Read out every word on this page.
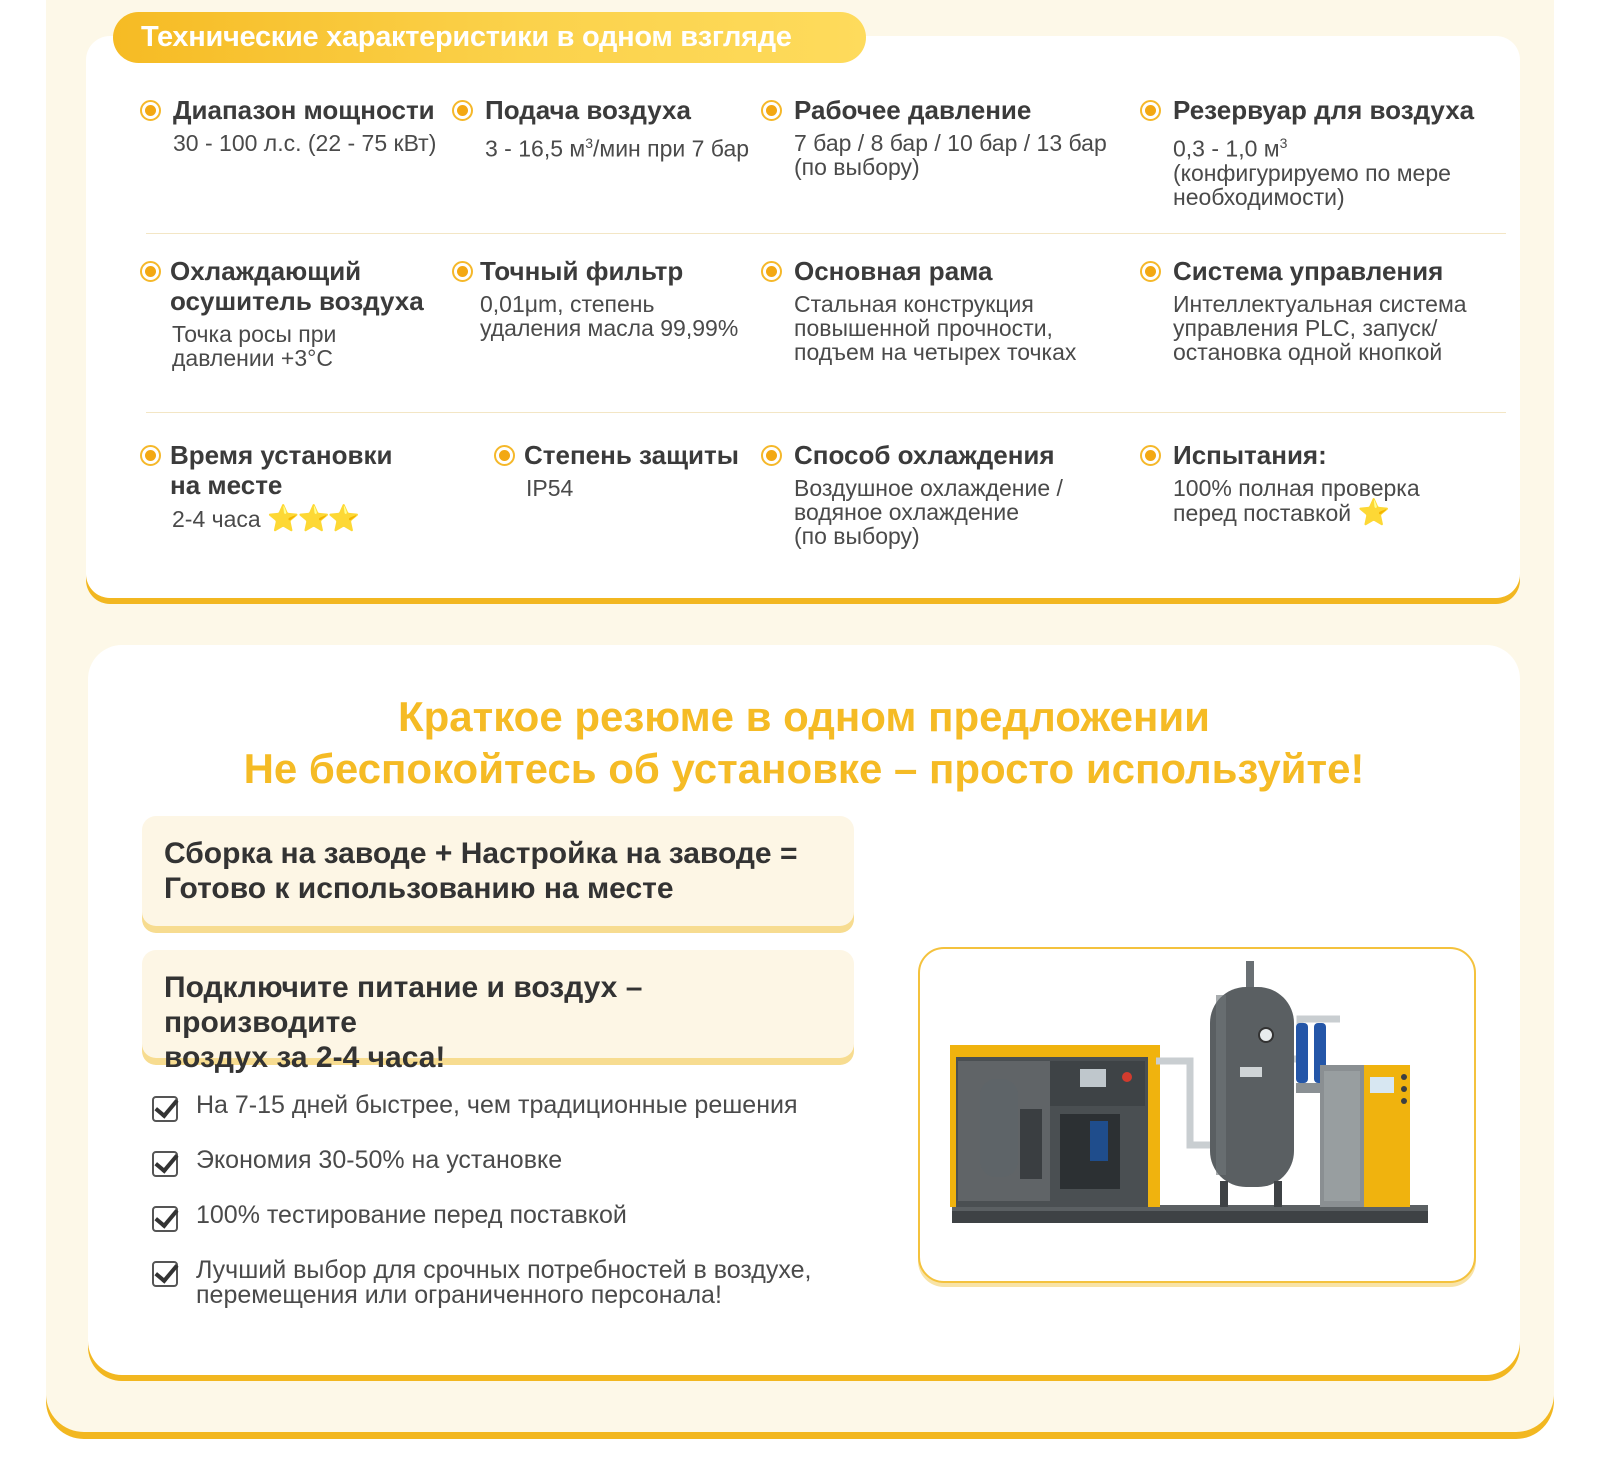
Технические характеристики в одном взгляде
Диапазон мощности
30 - 100 л.с. (22 - 75 кВт)
Подача воздуха
3 - 16,5 $м^3$/мин при 7 бар
Рабочее давление
7 бар / 8 бар / 10 бар / 13 бар
(по выбору)
Резервуар для воздуха
0,3 - 1,0 $м^3$
(конфигурируемо по мере
необходимости)
Охлаждающий
осушитель воздуха
Точка росы при
давлении +3°C
Точный фильтр
0,01μm, степень
удаления масла 99,99%
Основная рама
Стальная конструкция
повышенной прочности,
подъем на четырех точках
Система управления
Интеллектуальная система
управления PLC, запуск/
остановка одной кнопкой
Время установки
на месте
2-4 часа ⭐⭐⭐
Степень защиты
IP54
Способ охлаждения
Воздушное охлаждение /
водяное охлаждение
(по выбору)
Испытания:
100% полная проверка
перед поставкой ⭐
Краткое резюме в одном предложении
Не беспокойтесь об установке – просто используйте!
Сборка на заводе + Настройка на заводе =
Готово к использованию на месте
Подключите питание и воздух – производите
воздух за 2-4 часа!
На 7-15 дней быстрее, чем традиционные решения
Экономия 30-50% на установке
100% тестирование перед поставкой
Лучший выбор для срочных потребностей в воздухе,
перемещения или ограниченного персонала!
